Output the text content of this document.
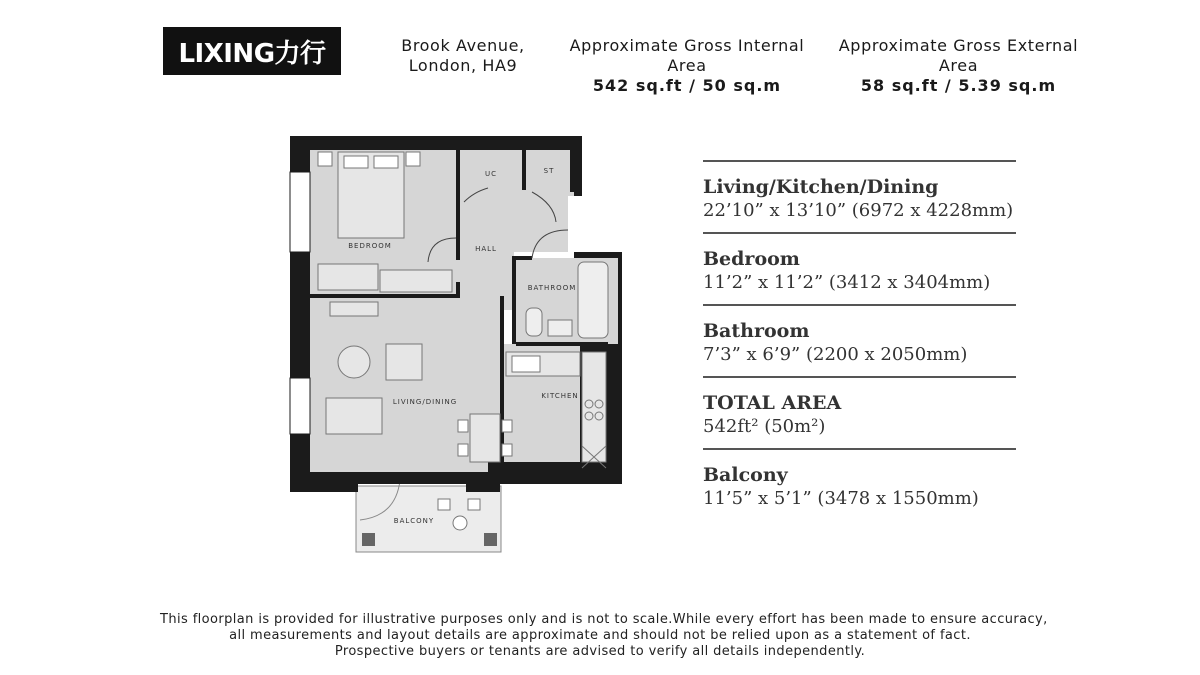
LIXING力行	Brook Avenue,
London, HA9
Approximate Gross Internal Area
542 sq.ft / 50 sq.m
Approximate Gross External Area
58 sq.ft / 5.39 sq.m
UC	ST
BEDROOM	HALL
BATHROOM
LIVING/DINING
KITCHEN
BALCONY
Living/Kitchen/Dining
22’10” x 13’10” (6972 x 4228mm)
Bedroom
11’2” x 11’2” (3412 x 3404mm)
Bathroom
7’3” x 6’9” (2200 x 2050mm)
TOTAL AREA
542ft² (50m²)
Balcony
11’5” x 5’1” (3478 x 1550mm)
This floorplan is provided for illustrative purposes only and is not to scale.While every effort has been made to ensure accuracy,
all measurements and layout details are approximate and should not be relied upon as a statement of fact.
Prospective buyers or tenants are advised to verify all details independently.
